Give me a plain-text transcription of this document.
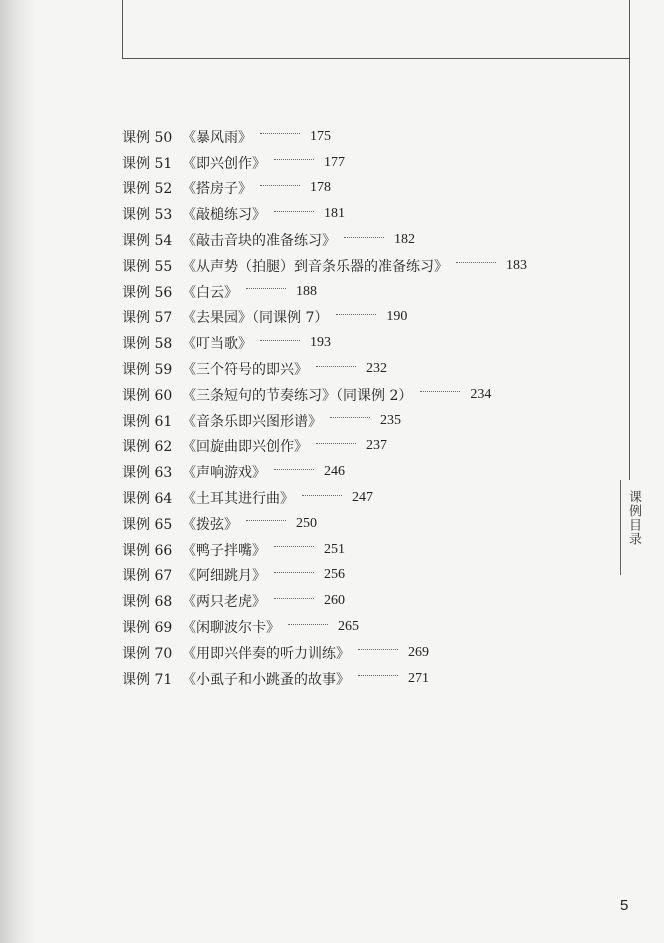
课例目录
课例 50 《暴风雨》	175
课例 51 《即兴创作》	177
课例 52 《搭房子》	178
课例 53 《敲槌练习》	181
课例 54 《敲击音块的准备练习》	182
课例 55 《从声势（拍腿）到音条乐器的准备练习》	183
课例 56 《白云》	188
课例 57 《去果园》（同课例 7）	190
课例 58 《叮当歌》	193
课例 59 《三个符号的即兴》	232
课例 60 《三条短句的节奏练习》（同课例 2）	234
课例 61 《音条乐即兴图形谱》	235
课例 62 《回旋曲即兴创作》	237
课例 63 《声响游戏》	246
课例 64 《土耳其进行曲》	247
课例 65 《拨弦》	250
课例 66 《鸭子拌嘴》	251
课例 67 《阿细跳月》	256
课例 68 《两只老虎》	260
课例 69 《闲聊波尔卡》	265
课例 70 《用即兴伴奏的听力训练》	269
课例 71 《小虱子和小跳蚤的故事》	271
5
